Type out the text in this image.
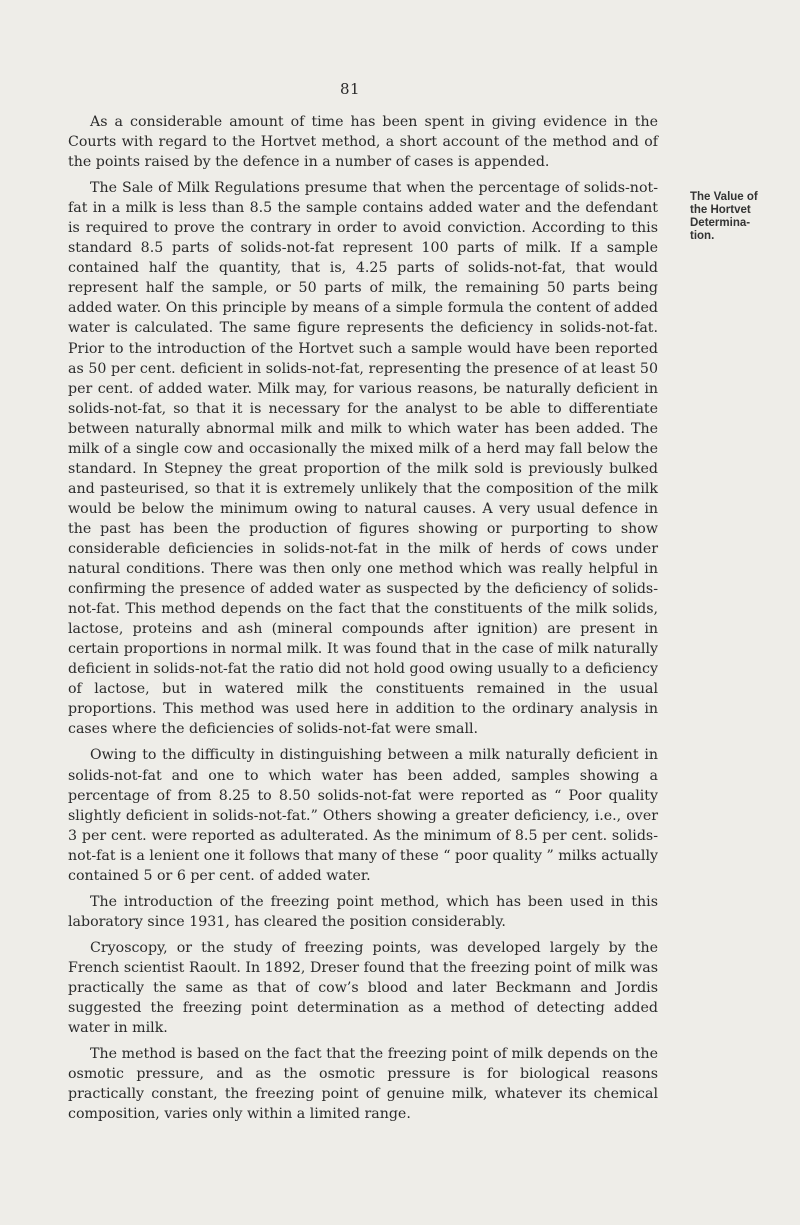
81
The Value of
the Hortvet
Determina-
tion.

As a considerable amount of time has been spent in giving evidence in the Courts with regard to the Hortvet method, a short account of the method and of the points raised by the defence in a number of cases is appended.

The Sale of Milk Regulations presume that when the percentage of solids-not-fat in a milk is less than 8.5 the sample contains added water and the defendant is required to prove the contrary in order to avoid conviction. According to this standard 8.5 parts of solids-not-fat represent 100 parts of milk. If a sample contained half the quantity, that is, 4.25 parts of solids-not-fat, that would represent half the sample, or 50 parts of milk, the remaining 50 parts being added water. On this principle by means of a simple formula the content of added water is calculated. The same figure represents the deficiency in solids-not-fat. Prior to the introduction of the Hortvet such a sample would have been reported as 50 per cent. deficient in solids-not-fat, representing the presence of at least 50 per cent. of added water. Milk may, for various reasons, be naturally deficient in solids-not-fat, so that it is necessary for the analyst to be able to differentiate between naturally abnormal milk and milk to which water has been added. The milk of a single cow and occasionally the mixed milk of a herd may fall below the standard. In Stepney the great proportion of the milk sold is previously bulked and pasteurised, so that it is extremely unlikely that the composition of the milk would be below the minimum owing to natural causes. A very usual defence in the past has been the production of figures showing or purporting to show considerable deficiencies in solids-not-fat in the milk of herds of cows under natural conditions. There was then only one method which was really helpful in confirming the presence of added water as suspected by the deficiency of solids-not-fat. This method depends on the fact that the constituents of the milk solids, lactose, proteins and ash (mineral compounds after ignition) are present in certain proportions in normal milk. It was found that in the case of milk naturally deficient in solids-not-fat the ratio did not hold good owing usually to a deficiency of lactose, but in watered milk the constituents remained in the usual proportions. This method was used here in addition to the ordinary analysis in cases where the deficiencies of solids-not-fat were small.

Owing to the difficulty in distinguishing between a milk naturally deficient in solids-not-fat and one to which water has been added, samples showing a percentage of from 8.25 to 8.50 solids-not-fat were reported as “ Poor quality slightly deficient in solids-not-fat.” Others showing a greater deficiency, i.e., over 3 per cent. were reported as adulterated. As the minimum of 8.5 per cent. solids-not-fat is a lenient one it follows that many of these “ poor quality ” milks actually contained 5 or 6 per cent. of added water.

The introduction of the freezing point method, which has been used in this laboratory since 1931, has cleared the position considerably.

Cryoscopy, or the study of freezing points, was developed largely by the French scientist Raoult. In 1892, Dreser found that the freezing point of milk was practically the same as that of cow’s blood and later Beckmann and Jordis suggested the freezing point determination as a method of detecting added water in milk.

The method is based on the fact that the freezing point of milk depends on the osmotic pressure, and as the osmotic pressure is for biological reasons practically constant, the freezing point of genuine milk, whatever its chemical composition, varies only within a limited range.
